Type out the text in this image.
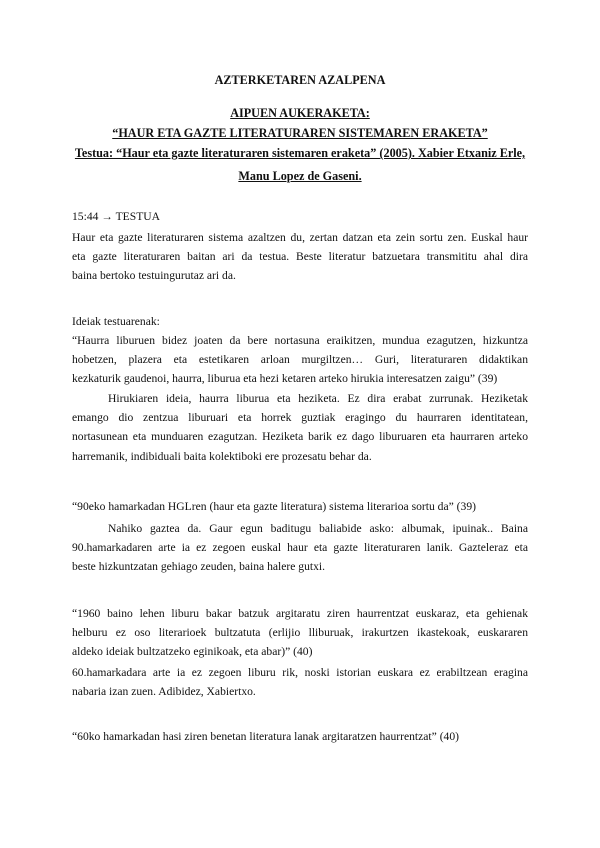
AZTERKETAREN AZALPENA

AIPUEN AUKERAKETA:

“HAUR ETA GAZTE LITERATURAREN SISTEMAREN ERAKETA”

Testua: “Haur eta gazte literaturaren sistemaren eraketa” (2005). Xabier Etxaniz Erle,

Manu Lopez de Gaseni.

15:44 → TESTUA

Haur eta gazte literaturaren sistema azaltzen du, zertan datzan eta zein sortu zen. Euskal haur
eta gazte literaturaren baitan ari da testua. Beste literatur batzuetara transmititu ahal dira
baina bertoko testuingurutaz ari da.

Ideiak testuarenak:

“Haurra liburuen bidez joaten da bere nortasuna eraikitzen, mundua ezagutzen, hizkuntza
hobetzen, plazera eta estetikaren arloan murgiltzen… Guri, literaturaren didaktikan
kezkaturik gaudenoi, haurra, liburua eta hezi ketaren arteko hirukia interesatzen zaigu” (39)
Hirukiaren ideia, haurra liburua eta heziketa. Ez dira erabat zurrunak. Heziketak
emango dio zentzua liburuari eta horrek guztiak eragingo du haurraren identitatean,
nortasunean eta munduaren ezagutzan. Heziketa barik ez dago liburuaren eta haurraren arteko
harremanik, indibiduali baita kolektiboki ere prozesatu behar da.

“90eko hamarkadan HGLren (haur eta gazte literatura) sistema literarioa sortu da” (39)

Nahiko gaztea da. Gaur egun baditugu baliabide asko: albumak, ipuinak.. Baina
90.hamarkadaren arte ia ez zegoen euskal haur eta gazte literaturaren lanik. Gazteleraz eta
beste hizkuntzatan gehiago zeuden, baina halere gutxi.
“1960 baino lehen liburu bakar batzuk argitaratu ziren haurrentzat euskaraz, eta gehienak
helburu ez oso literarioek bultzatuta (erlijio lliburuak, irakurtzen ikastekoak, euskararen
aldeko ideiak bultzatzeko eginikoak, eta abar)” (40)
60.hamarkadara arte ia ez zegoen liburu rik, noski istorian euskara ez erabiltzean eragina
nabaria izan zuen. Adibidez, Xabiertxo.

“60ko hamarkadan hasi ziren benetan literatura lanak argitaratzen haurrentzat” (40)
